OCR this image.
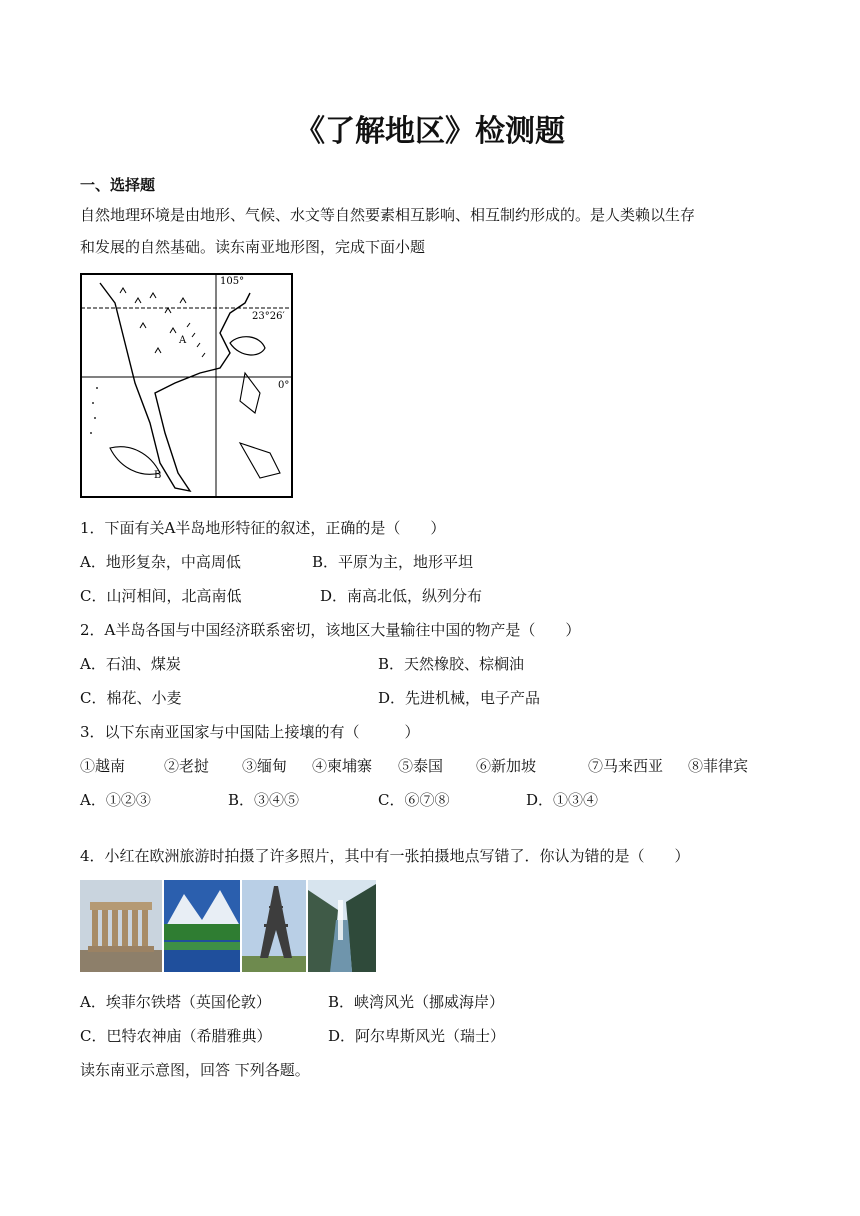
《了解地区》检测题
一、选择题
自然地理环境是由地形、气候、水文等自然要素相互影响、相互制约形成的。是人类赖以生存
和发展的自然基础。读东南亚地形图，完成下面小题
105°
23°26′
0°
A
B
1．下面有关A半岛地形特征的叙述，正确的是（　　）
A．地形复杂，中高周低	B．平原为主，地形平坦
C．山河相间，北高南低	D．南高北低，纵列分布
2．A半岛各国与中国经济联系密切，该地区大量输往中国的物产是（　　）
A．石油、煤炭	B．天然橡胶、棕榈油
C．棉花、小麦	D．先进机械，电子产品
3．以下东南亚国家与中国陆上接壤的有（　　　）
①越南	②老挝 ③缅甸 ④柬埔寨 ⑤泰国 ⑥新加坡	⑦马来西亚 ⑧菲律宾
A．①②③	B．③④⑤	C．⑥⑦⑧	D．①③④
4．小红在欧洲旅游时拍摄了许多照片，其中有一张拍摄地点写错了．你认为错的是（　　）
A．埃菲尔铁塔（英国伦敦）	B．峡湾风光（挪威海岸）
C．巴特农神庙（希腊雅典）	D．阿尔卑斯风光（瑞士）
读东南亚示意图，回答 下列各题。
